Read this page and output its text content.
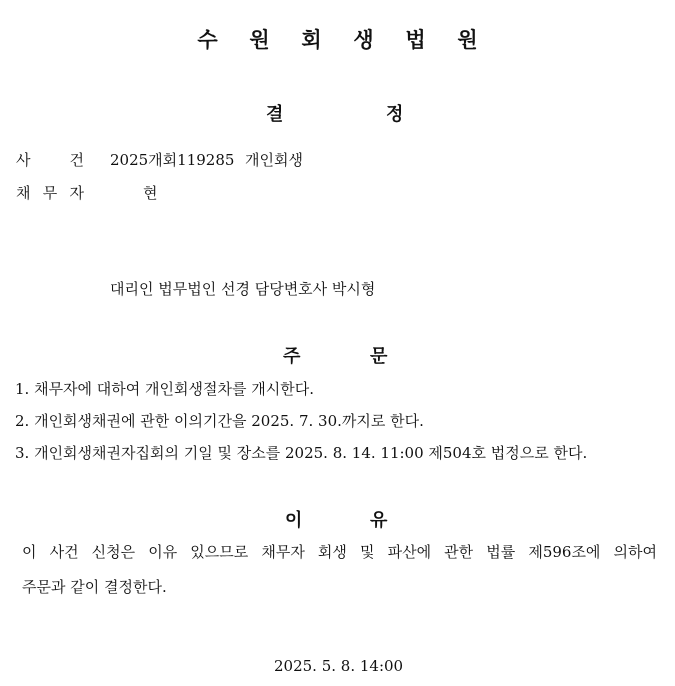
수 원 회 생 법 원
결	정
사 건 2025개회119285 개인회생
채 무 자	현
대리인 법무법인 선경 담당변호사 박시형
주	문
1. 채무자에 대하여 개인회생절차를 개시한다.
2. 개인회생채권에 관한 이의기간을 2025. 7. 30.까지로 한다.
3. 개인회생채권자집회의 기일 및 장소를 2025. 8. 14. 11:00 제504호 법정으로 한다.
이	유
이 사건 신청은 이유 있으므로 채무자 회생 및 파산에 관한 법률 제596조에 의하여
주문과 같이 결정한다.
2025. 5. 8. 14:00
